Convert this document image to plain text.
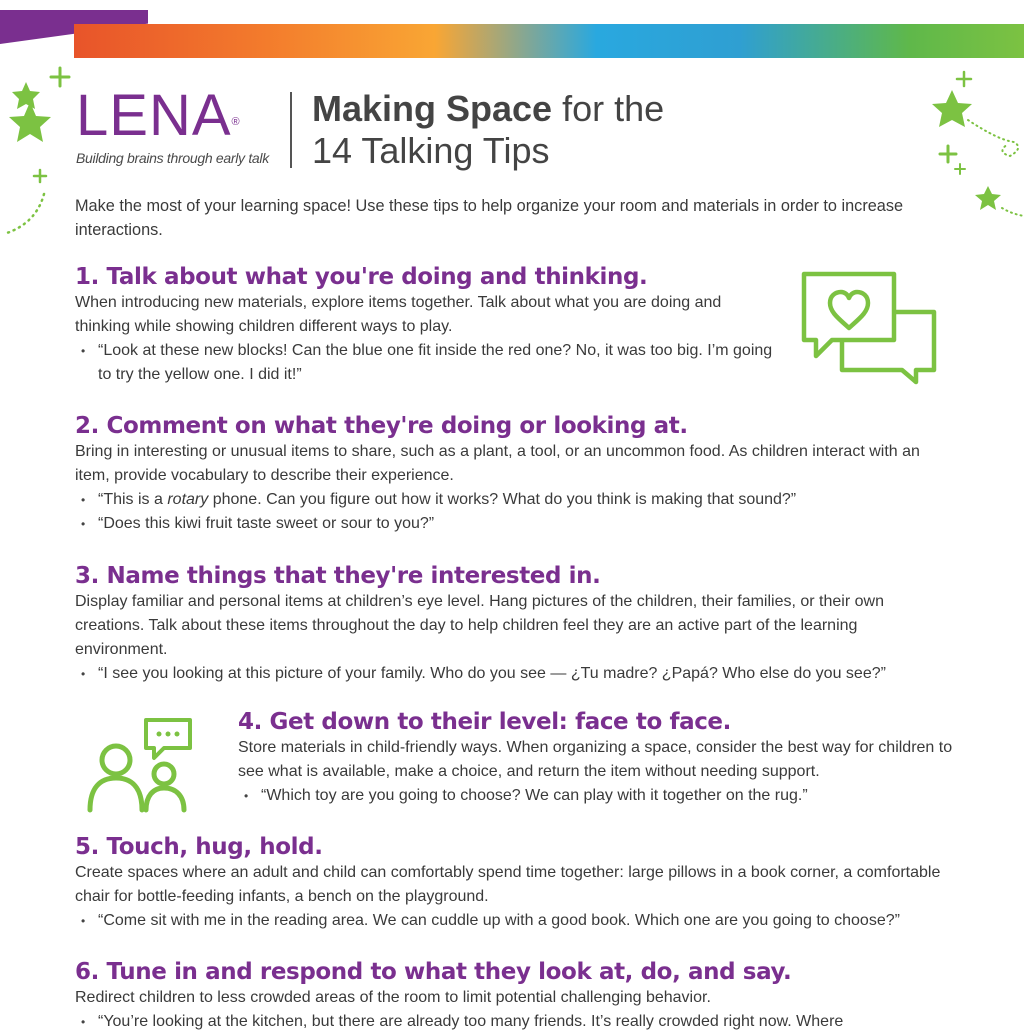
LENA®
Building brains through early talk
Making Space for the
14 Talking Tips
Make the most of your learning space! Use these tips to help organize your room and materials in order to increase interactions.
1. Talk about what you're doing and thinking.
When introducing new materials, explore items together. Talk about what you are doing and thinking while showing children different ways to play.
• “Look at these new blocks! Can the blue one fit inside the red one? No, it was too big. I’m going to try the yellow one. I did it!”
2. Comment on what they're doing or looking at.
Bring in interesting or unusual items to share, such as a plant, a tool, or an uncommon food. As children interact with an item, provide vocabulary to describe their experience.
• “This is a rotary phone. Can you figure out how it works? What do you think is making that sound?”
• “Does this kiwi fruit taste sweet or sour to you?”
3. Name things that they're interested in.
Display familiar and personal items at children’s eye level. Hang pictures of the children, their families, or their own creations. Talk about these items throughout the day to help children feel they are an active part of the learning environment.
• “I see you looking at this picture of your family. Who do you see — ¿Tu madre? ¿Papá? Who else do you see?”
4. Get down to their level: face to face.
Store materials in child-friendly ways. When organizing a space, consider the best way for children to see what is available, make a choice, and return the item without needing support.
• “Which toy are you going to choose? We can play with it together on the rug.”
5. Touch, hug, hold.
Create spaces where an adult and child can comfortably spend time together: large pillows in a book corner, a comfortable chair for bottle-feeding infants, a bench on the playground.
• “Come sit with me in the reading area. We can cuddle up with a good book. Which one are you going to choose?”
6. Tune in and respond to what they look at, do, and say.
Redirect children to less crowded areas of the room to limit potential challenging behavior.
• “You’re looking at the kitchen, but there are already too many friends. It’s really crowded right now. Where
